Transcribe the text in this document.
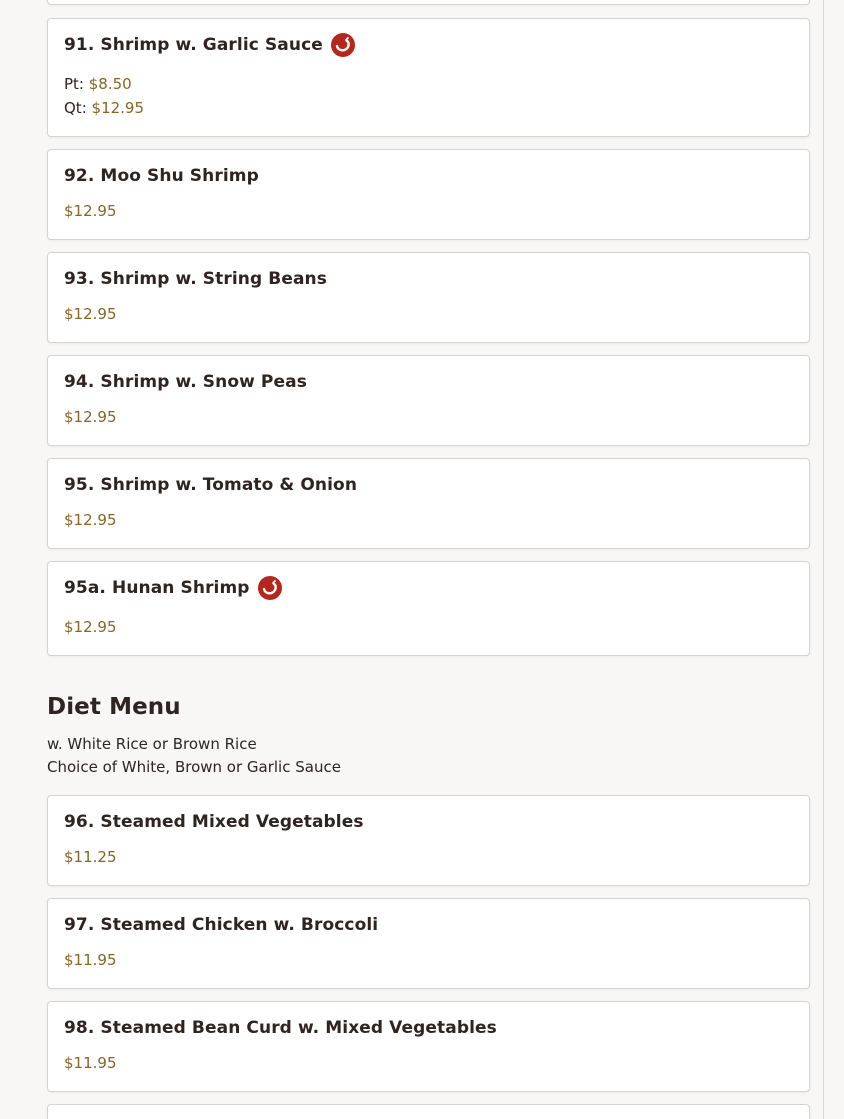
91. Shrimp w. Garlic Sauce
Pt: $8.50
Qt: $12.95
92. Moo Shu Shrimp
$12.95
93. Shrimp w. String Beans
$12.95
94. Shrimp w. Snow Peas
$12.95
95. Shrimp w. Tomato & Onion
$12.95
95a. Hunan Shrimp
$12.95
Diet Menu
w. White Rice or Brown Rice
Choice of White, Brown or Garlic Sauce
96. Steamed Mixed Vegetables
$11.25
97. Steamed Chicken w. Broccoli
$11.95
98. Steamed Bean Curd w. Mixed Vegetables
$11.95
